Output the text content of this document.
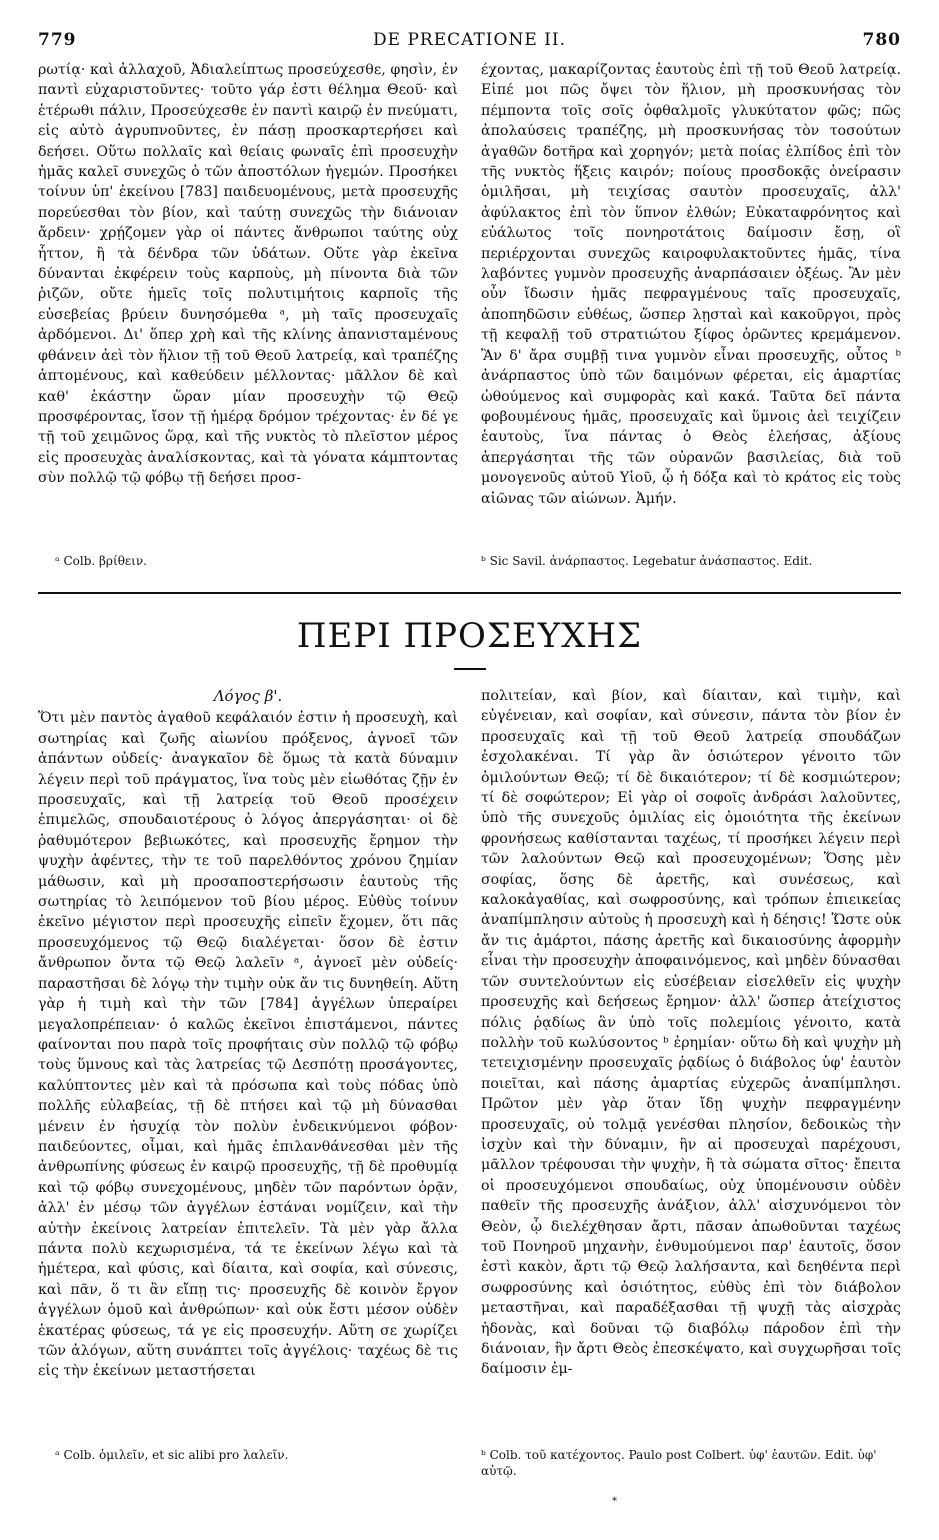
779	DE PRECATIONE II.	780

ρωτίᾳ· καὶ ἀλλαχοῦ, Ἀδιαλείπτως προσεύχεσθε, φησὶν, ἐν παντὶ εὐχαριστοῦντες· τοῦτο γάρ ἐστι θέλημα Θεοῦ· καὶ ἑτέρωθι πάλιν, Προσεύχεσθε ἐν παντὶ καιρῷ ἐν πνεύματι, εἰς αὐτὸ ἀγρυπνοῦντες, ἐν πάσῃ προσκαρτερήσει καὶ δεήσει. Οὕτω πολλαῖς καὶ θείαις φωναῖς ἐπὶ προσευχὴν ἡμᾶς καλεῖ συνεχῶς ὁ τῶν ἀποστόλων ἡγεμών. Προσήκει τοίνυν ὑπ' ἐκείνου [783] παιδευομένους, μετὰ προσευχῆς πορεύεσθαι τὸν βίον, καὶ ταύτῃ συνεχῶς τὴν διάνοιαν ἄρδειν· χρῄζομεν γὰρ οἱ πάντες ἄνθρωποι ταύτης οὐχ ἧττον, ἢ τὰ δένδρα τῶν ὑδάτων. Οὔτε γὰρ ἐκεῖνα δύνανται ἐκφέρειν τοὺς καρποὺς, μὴ πίνοντα διὰ τῶν ῥιζῶν, οὔτε ἡμεῖς τοῖς πολυτιμήτοις καρποῖς τῆς εὐσεβείας βρύειν δυνησόμεθα ᵃ, μὴ ταῖς προσευχαῖς ἀρδόμενοι. Δι' ὅπερ χρὴ καὶ τῆς κλίνης ἀπανισταμένους φθάνειν ἀεὶ τὸν ἥλιον τῇ τοῦ Θεοῦ λατρείᾳ, καὶ τραπέζης ἁπτομένους, καὶ καθεύδειν μέλλοντας· μᾶλλον δὲ καὶ καθ' ἑκάστην ὥραν μίαν προσευχὴν τῷ Θεῷ προσφέροντας, ἴσον τῇ ἡμέρᾳ δρόμον τρέχοντας· ἐν δέ γε τῇ τοῦ χειμῶνος ὥρᾳ, καὶ τῆς νυκτὸς τὸ πλεῖστον μέρος εἰς προσευχὰς ἀναλίσκοντας, καὶ τὰ γόνατα κάμπτοντας σὺν πολλῷ τῷ φόβῳ τῇ δεήσει προσ-

έχοντας, μακαρίζοντας ἑαυτοὺς ἐπὶ τῇ τοῦ Θεοῦ λατρείᾳ. Εἰπέ μοι πῶς ὄψει τὸν ἥλιον, μὴ προσκυνήσας τὸν πέμποντα τοῖς σοῖς ὀφθαλμοῖς γλυκύτατον φῶς; πῶς ἀπολαύσεις τραπέζης, μὴ προσκυνήσας τὸν τοσούτων ἀγαθῶν δοτῆρα καὶ χορηγόν; μετὰ ποίας ἐλπίδος ἐπὶ τὸν τῆς νυκτὸς ἥξεις καιρόν; ποίους προσδοκᾷς ὀνείρασιν ὁμιλῆσαι, μὴ τειχίσας σαυτὸν προσευχαῖς, ἀλλ' ἀφύλακτος ἐπὶ τὸν ὕπνον ἐλθών; Εὐκαταφρόνητος καὶ εὐάλωτος τοῖς πονηροτάτοις δαίμοσιν ἔσῃ, οἳ περιέρχονται συνεχῶς καιροφυλακτοῦντες ἡμᾶς, τίνα λαβόντες γυμνὸν προσευχῆς ἀναρπάσαιεν ὀξέως. Ἂν μὲν οὖν ἴδωσιν ἡμᾶς πεφραγμένους ταῖς προσευχαῖς, ἀποπηδῶσιν εὐθέως, ὥσπερ λῃσταὶ καὶ κακοῦργοι, πρὸς τῇ κεφαλῇ τοῦ στρατιώτου ξίφος ὁρῶντες κρεμάμενον. Ἂν δ' ἄρα συμβῇ τινα γυμνὸν εἶναι προσευχῆς, οὗτος ᵇ ἀνάρπαστος ὑπὸ τῶν δαιμόνων φέρεται, εἰς ἁμαρτίας ὠθούμενος καὶ συμφορὰς καὶ κακά. Ταῦτα δεῖ πάντα φοβουμένους ἡμᾶς, προσευχαῖς καὶ ὕμνοις ἀεὶ τειχίζειν ἑαυτοὺς, ἵνα πάντας ὁ Θεὸς ἐλεήσας, ἀξίους ἀπεργάσηται τῆς τῶν οὐρανῶν βασιλείας, διὰ τοῦ μονογενοῦς αὐτοῦ Υἱοῦ, ᾧ ἡ δόξα καὶ τὸ κράτος εἰς τοὺς αἰῶνας τῶν αἰώνων. Ἀμήν.

ᵃ Colb. βρίθειν.	ᵇ Sic Savil. ἀνάρπαστος. Legebatur ἀνάσπαστος. Edit.
ΠΕΡΙ ΠΡΟΣΕΥΧΗΣ

Λόγος β'.

Ὅτι μὲν παντὸς ἀγαθοῦ κεφάλαιόν ἐστιν ἡ προσευχὴ, καὶ σωτηρίας καὶ ζωῆς αἰωνίου πρόξενος, ἀγνοεῖ τῶν ἁπάντων οὐδείς· ἀναγκαῖον δὲ ὅμως τὰ κατὰ δύναμιν λέγειν περὶ τοῦ πράγματος, ἵνα τοὺς μὲν εἰωθότας ζῇν ἐν προσευχαῖς, καὶ τῇ λατρείᾳ τοῦ Θεοῦ προσέχειν ἐπιμελῶς, σπουδαιοτέρους ὁ λόγος ἀπεργάσηται· οἱ δὲ ῥαθυμότερον βεβιωκότες, καὶ προσευχῆς ἔρημον τὴν ψυχὴν ἀφέντες, τὴν τε τοῦ παρελθόντος χρόνου ζημίαν μάθωσιν, καὶ μὴ προσαποστερήσωσιν ἑαυτοὺς τῆς σωτηρίας τὸ λειπόμενον τοῦ βίου μέρος. Εὐθὺς τοίνυν ἐκεῖνο μέγιστον περὶ προσευχῆς εἰπεῖν ἔχομεν, ὅτι πᾶς προσευχόμενος τῷ Θεῷ διαλέγεται· ὅσον δὲ ἐστιν ἄνθρωπον ὄντα τῷ Θεῷ λαλεῖν ᵃ, ἀγνοεῖ μὲν οὐδείς· παραστῆσαι δὲ λόγῳ τὴν τιμὴν οὐκ ἄν τις δυνηθείη. Αὕτη γὰρ ἡ τιμὴ καὶ τὴν τῶν [784] ἀγγέλων ὑπεραίρει μεγαλοπρέπειαν· ὁ καλῶς ἐκεῖνοι ἐπιστάμενοι, πάντες φαίνονται που παρὰ τοῖς προφήταις σὺν πολλῷ τῷ φόβῳ τοὺς ὕμνους καὶ τὰς λατρείας τῷ Δεσπότῃ προσάγοντες, καλύπτοντες μὲν καὶ τὰ πρόσωπα καὶ τοὺς πόδας ὑπὸ πολλῆς εὐλαβείας, τῇ δὲ πτήσει καὶ τῷ μὴ δύνασθαι μένειν ἐν ἡσυχίᾳ τὸν πολὺν ἐνδεικνύμενοι φόβον· παιδεύοντες, οἶμαι, καὶ ἡμᾶς ἐπιλανθάνεσθαι μὲν τῆς ἀνθρωπίνης φύσεως ἐν καιρῷ προσευχῆς, τῇ δὲ προθυμίᾳ καὶ τῷ φόβῳ συνεχομένους, μηδὲν τῶν παρόντων ὁρᾷν, ἀλλ' ἐν μέσῳ τῶν ἀγγέλων ἑστάναι νομίζειν, καὶ τὴν αὐτὴν ἐκείνοις λατρείαν ἐπιτελεῖν. Τὰ μὲν γὰρ ἄλλα πάντα πολὺ κεχωρισμένα, τά τε ἐκείνων λέγω καὶ τὰ ἡμέτερα, καὶ φύσις, καὶ δίαιτα, καὶ σοφία, καὶ σύνεσις, καὶ πᾶν, ὅ τι ἂν εἴπῃ τις· προσευχῆς δὲ κοινὸν ἔργον ἀγγέλων ὁμοῦ καὶ ἀνθρώπων· καὶ οὐκ ἔστι μέσον οὐδὲν ἑκατέρας φύσεως, τά γε εἰς προσευχήν. Αὕτη σε χωρίζει τῶν ἀλόγων, αὕτη συνάπτει τοῖς ἀγγέλοις· ταχέως δὲ τις εἰς τὴν ἐκείνων μεταστήσεται

πολιτείαν, καὶ βίον, καὶ δίαιταν, καὶ τιμὴν, καὶ εὐγένειαν, καὶ σοφίαν, καὶ σύνεσιν, πάντα τὸν βίον ἐν προσευχαῖς καὶ τῇ τοῦ Θεοῦ λατρείᾳ σπουδάζων ἐσχολακέναι. Τί γὰρ ἂν ὁσιώτερον γένοιτο τῶν ὁμιλούντων Θεῷ; τί δὲ δικαιότερον; τί δὲ κοσμιώτερον; τί δὲ σοφώτερον; Εἰ γὰρ οἱ σοφοῖς ἀνδράσι λαλοῦντες, ὑπὸ τῆς συνεχοῦς ὁμιλίας εἰς ὁμοιότητα τῆς ἐκείνων φρονήσεως καθίστανται ταχέως, τί προσήκει λέγειν περὶ τῶν λαλούντων Θεῷ καὶ προσευχομένων; Ὅσης μὲν σοφίας, ὅσης δὲ ἀρετῆς, καὶ συνέσεως, καὶ καλοκἀγαθίας, καὶ σωφροσύνης, καὶ τρόπων ἐπιεικείας ἀναπίμπλησιν αὐτοὺς ἡ προσευχὴ καὶ ἡ δέησις! Ὥστε οὐκ ἄν τις ἁμάρτοι, πάσης ἀρετῆς καὶ δικαιοσύνης ἀφορμὴν εἶναι τὴν προσευχὴν ἀποφαινόμενος, καὶ μηδὲν δύνασθαι τῶν συντελούντων εἰς εὐσέβειαν εἰσελθεῖν εἰς ψυχὴν προσευχῆς καὶ δεήσεως ἔρημον· ἀλλ' ὥσπερ ἀτείχιστος πόλις ῥᾳδίως ἂν ὑπὸ τοῖς πολεμίοις γένοιτο, κατὰ πολλὴν τοῦ κωλύσοντος ᵇ ἐρημίαν· οὕτω δὴ καὶ ψυχὴν μὴ τετειχισμένην προσευχαῖς ῥᾳδίως ὁ διάβολος ὑφ' ἑαυτὸν ποιεῖται, καὶ πάσης ἁμαρτίας εὐχερῶς ἀναπίμπλησι. Πρῶτον μὲν γὰρ ὅταν ἴδῃ ψυχὴν πεφραγμένην προσευχαῖς, οὐ τολμᾷ γενέσθαι πλησίον, δεδοικὼς τὴν ἰσχὺν καὶ τὴν δύναμιν, ἣν αἱ προσευχαὶ παρέχουσι, μᾶλλον τρέφουσαι τὴν ψυχὴν, ἢ τὰ σώματα σῖτος· ἔπειτα οἱ προσευχόμενοι σπουδαίως, οὐχ ὑπομένουσιν οὐδὲν παθεῖν τῆς προσευχῆς ἀνάξιον, ἀλλ' αἰσχυνόμενοι τὸν Θεὸν, ᾧ διελέχθησαν ἄρτι, πᾶσαν ἀπωθοῦνται ταχέως τοῦ Πονηροῦ μηχανὴν, ἐνθυμούμενοι παρ' ἑαυτοῖς, ὅσον ἐστὶ κακὸν, ἄρτι τῷ Θεῷ λαλήσαντα, καὶ δεηθέντα περὶ σωφροσύνης καὶ ὁσιότητος, εὐθὺς ἐπὶ τὸν διάβολον μεταστῆναι, καὶ παραδέξασθαι τῇ ψυχῇ τὰς αἰσχρὰς ἡδονὰς, καὶ δοῦναι τῷ διαβόλῳ πάροδον ἐπὶ τὴν διάνοιαν, ἣν ἄρτι Θεὸς ἐπεσκέψατο, καὶ συγχωρῆσαι τοῖς δαίμοσιν ἐμ-

ᵃ Colb. ὁμιλεῖν, et sic alibi pro λαλεῖν.	ᵇ Colb. τοῦ κατέχοντος. Paulo post Colbert. ὑφ' ἑαυτῶν. Edit. ὑφ' αὐτῷ.
*
